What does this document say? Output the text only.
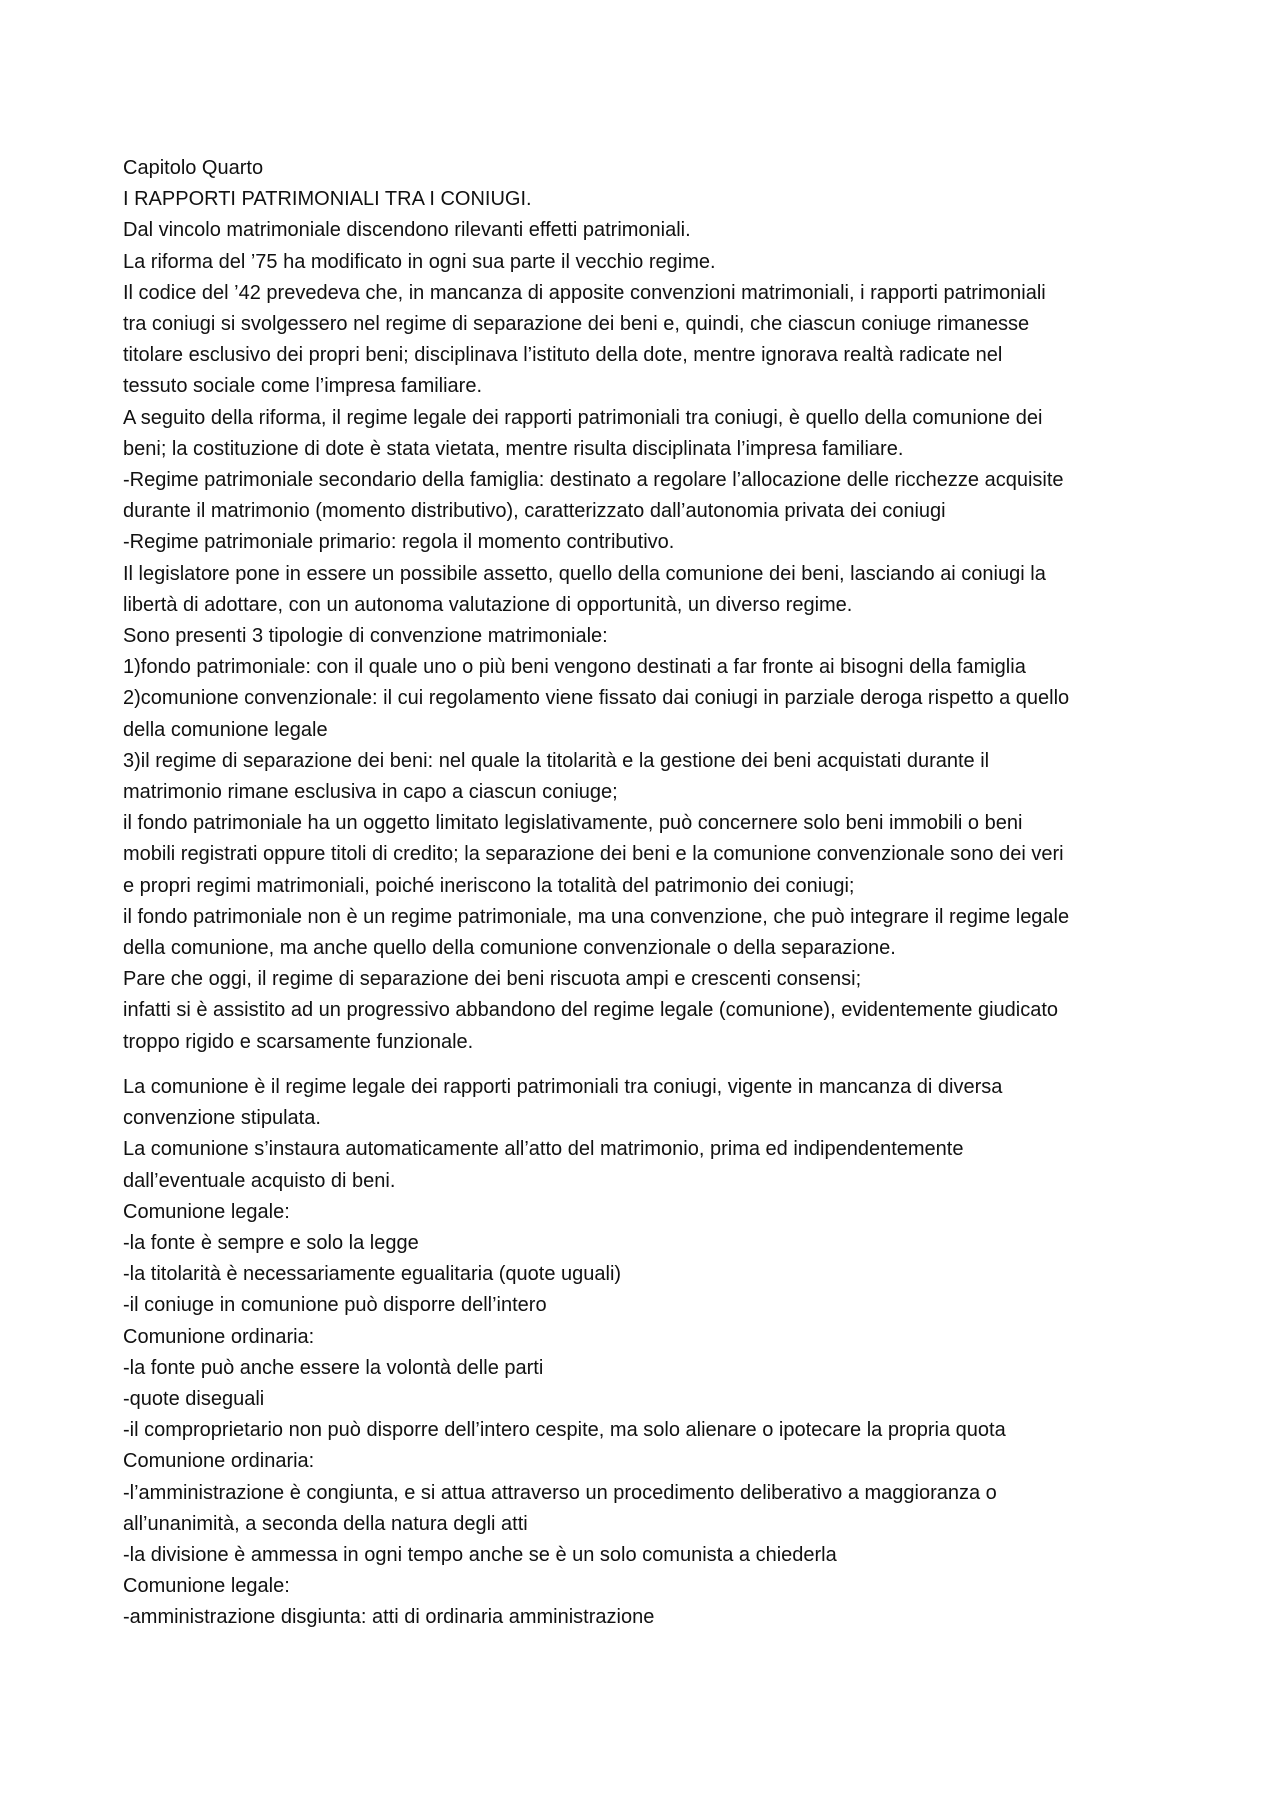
Capitolo Quarto
I RAPPORTI PATRIMONIALI TRA I CONIUGI.
Dal vincolo matrimoniale discendono rilevanti effetti patrimoniali.
La riforma del ’75 ha modificato in ogni sua parte il vecchio regime.
Il codice del ’42 prevedeva che, in mancanza di apposite convenzioni matrimoniali, i rapporti patrimoniali
tra coniugi si svolgessero nel regime di separazione dei beni e, quindi, che ciascun coniuge rimanesse
titolare esclusivo dei propri beni; disciplinava l’istituto della dote, mentre ignorava realtà radicate nel
tessuto sociale come l’impresa familiare.
A seguito della riforma, il regime legale dei rapporti patrimoniali tra coniugi, è quello della comunione dei
beni; la costituzione di dote è stata vietata, mentre risulta disciplinata l’impresa familiare.
-Regime patrimoniale secondario della famiglia: destinato a regolare l’allocazione delle ricchezze acquisite
durante il matrimonio (momento distributivo), caratterizzato dall’autonomia privata dei coniugi
-Regime patrimoniale primario: regola il momento contributivo.
Il legislatore pone in essere un possibile assetto, quello della comunione dei beni, lasciando ai coniugi la
libertà di adottare, con un autonoma valutazione di opportunità, un diverso regime.
Sono presenti 3 tipologie di convenzione matrimoniale:
1)fondo patrimoniale: con il quale uno o più beni vengono destinati a far fronte ai bisogni della famiglia
2)comunione convenzionale: il cui regolamento viene fissato dai coniugi in parziale deroga rispetto a quello
della comunione legale
3)il regime di separazione dei beni: nel quale la titolarità e la gestione dei beni acquistati durante il
matrimonio rimane esclusiva in capo a ciascun coniuge;
il fondo patrimoniale ha un oggetto limitato legislativamente, può concernere solo beni immobili o beni
mobili registrati oppure titoli di credito; la separazione dei beni e la comunione convenzionale sono dei veri
e propri regimi matrimoniali, poiché ineriscono la totalità del patrimonio dei coniugi;
il fondo patrimoniale non è un regime patrimoniale, ma una convenzione, che può integrare il regime legale
della comunione, ma anche quello della comunione convenzionale o della separazione.
Pare che oggi, il regime di separazione dei beni riscuota ampi e crescenti consensi;
infatti si è assistito ad un progressivo abbandono del regime legale (comunione), evidentemente giudicato
troppo rigido e scarsamente funzionale.
La comunione è il regime legale dei rapporti patrimoniali tra coniugi, vigente in mancanza di diversa
convenzione stipulata.
La comunione s’instaura automaticamente all’atto del matrimonio, prima ed indipendentemente
dall’eventuale acquisto di beni.
Comunione legale:
-la fonte è sempre e solo la legge
-la titolarità è necessariamente egualitaria (quote uguali)
-il coniuge in comunione può disporre dell’intero
Comunione ordinaria:
-la fonte può anche essere la volontà delle parti
-quote diseguali
-il comproprietario non può disporre dell’intero cespite, ma solo alienare o ipotecare la propria quota
Comunione ordinaria:
-l’amministrazione è congiunta, e si attua attraverso un procedimento deliberativo a maggioranza o
all’unanimità, a seconda della natura degli atti
-la divisione è ammessa in ogni tempo anche se è un solo comunista a chiederla
Comunione legale:
-amministrazione disgiunta: atti di ordinaria amministrazione
